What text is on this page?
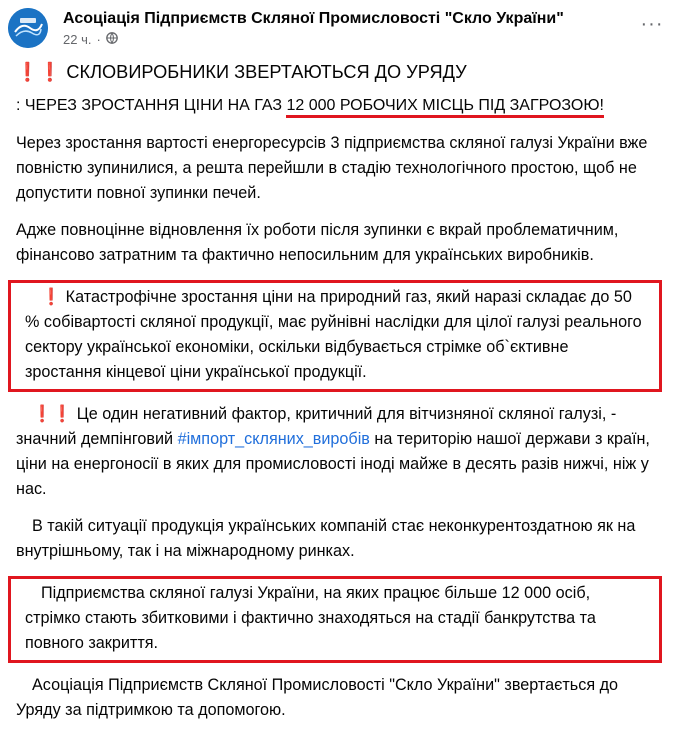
Асоціація Підприємств Скляної Промисловості "Скло України"
22 ч. ·
···

❗❗ СКЛОВИРОБНИКИ ЗВЕРТАЮТЬСЯ ДО УРЯДУ

: ЧЕРЕЗ ЗРОСТАННЯ ЦІНИ НА ГАЗ 12 000 РОБОЧИХ МІСЦЬ ПІД ЗАГРОЗОЮ!

Через зростання вартості енергоресурсів 3 підприємства скляної галузі України вже повністю зупинилися, а решта перейшли в стадію технологічного простою, щоб не допустити повної зупинки печей.

Адже повноцінне відновлення їх роботи після зупинки є вкрай проблематичним, фінансово затратним та фактично непосильним для українських виробників.

❗ Катастрофічне зростання ціни на природний газ, який наразі складає до 50 % собівартості скляної продукції, має руйнівні наслідки для цілої галузі реального сектору української економіки, оскільки відбувається стрімке об`єктивне зростання кінцевої ціни української продукції.

❗❗ Це один негативний фактор, критичний для вітчизняної скляної галузі, - значний демпінговий #імпорт_скляних_виробів на територію нашої держави з країн, ціни на енергоносії в яких для промисловості іноді майже в десять разів нижчі, ніж у нас.

В такій ситуації продукція українських компаній стає неконкурентоздатною як на внутрішньому, так і на міжнародному ринках.

Підприємства скляної галузі України, на яких працює більше 12 000 осіб, стрімко стають збитковими і фактично знаходяться на стадії банкрутства та повного закриття.

Асоціація Підприємств Скляної Промисловості "Скло України" звертається до Уряду за підтримкою та допомогою.
